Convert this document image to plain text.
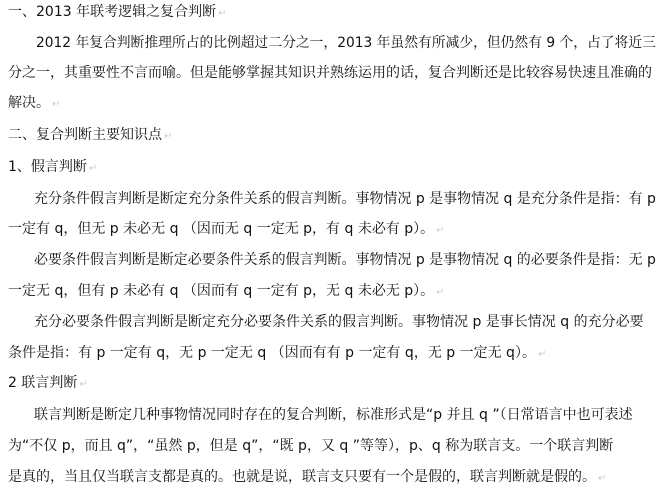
一、2013 年联考逻辑之复合判断 ↵
2012 年复合判断推理所占的比例超过二分之一，2013 年虽然有所减少，但仍然有 9 个，占了将近三
分之一，其重要性不言而喻。但是能够掌握其知识并熟练运用的话，复合判断还是比较容易快速且准确的
解决。 ↵
二、复合判断主要知识点 ↵
1、假言判断 ↵
充分条件假言判断是断定充分条件关系的假言判断。事物情况 p 是事物情况 q 是充分条件是指：有 p
一定有 q，但无 p 未必无 q （因而无 q 一定无 p，有 q 未必有 p）。 ↵
必要条件假言判断是断定必要条件关系的假言判断。事物情况 p 是事物情况 q 的必要条件是指：无 p
一定无 q，但有 p 未必有 q （因而有 q 一定有 p，无 q 未必无 p）。 ↵
充分必要条件假言判断是断定充分必要条件关系的假言判断。事物情况 p 是事长情况 q 的充分必要
条件是指：有 p 一定有 q，无 p 一定无 q （因而有有 p 一定有 q，无 p 一定无 q）。 ↵
2 联言判断 ↵
联言判断是断定几种事物情况同时存在的复合判断，标准形式是“p 并且 q ”（日常语言中也可表述
为“不仅 p，而且 q”，“虽然 p，但是 q”，“既 p，又 q ”等等），p、q 称为联言支。一个联言判断
是真的，当且仅当联言支都是真的。也就是说，联言支只要有一个是假的，联言判断就是假的。 ↵
